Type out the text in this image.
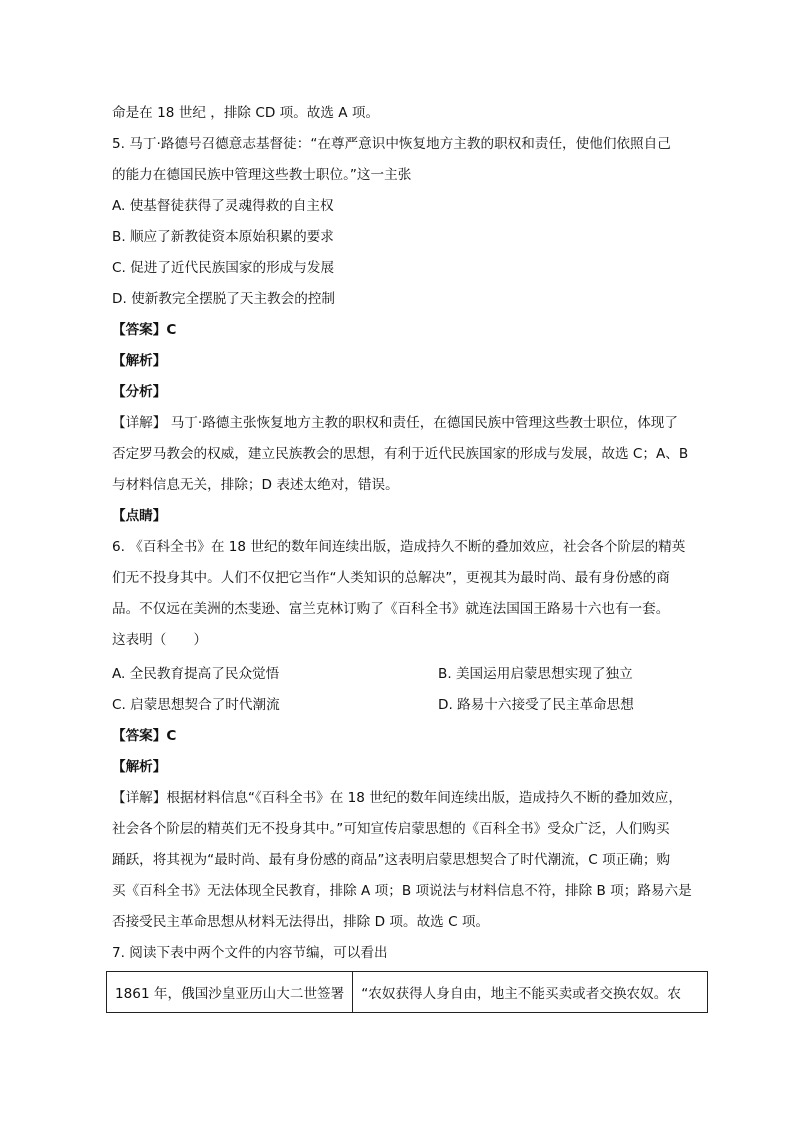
命是在 18 世纪 ，排除 CD 项。故选 A 项。
5. 马丁·路德号召德意志基督徒：“在尊严意识中恢复地方主教的职权和责任，使他们依照自己
的能力在德国民族中管理这些教士职位。”这一主张
A. 使基督徒获得了灵魂得救的自主权
B. 顺应了新教徒资本原始积累的要求
C. 促进了近代民族国家的形成与发展
D. 使新教完全摆脱了天主教会的控制
【答案】C
【解析】
【分析】
【详解】 马丁·路德主张恢复地方主教的职权和责任，在德国民族中管理这些教士职位，体现了
否定罗马教会的权威，建立民族教会的思想，有利于近代民族国家的形成与发展，故选 C；A、B
与材料信息无关，排除；D 表述太绝对，错误。
【点睛】
6. 《百科全书》在 18 世纪的数年间连续出版，造成持久不断的叠加效应，社会各个阶层的精英
们无不投身其中。人们不仅把它当作“人类知识的总解决”，更视其为最时尚、最有身份感的商
品。不仅远在美洲的杰斐逊、富兰克林订购了《百科全书》就连法国国王路易十六也有一套。
这表明（　　）
A. 全民教育提高了民众觉悟	B. 美国运用启蒙思想实现了独立
C. 启蒙思想契合了时代潮流	D. 路易十六接受了民主革命思想
【答案】C
【解析】
【详解】根据材料信息“《百科全书》在 18 世纪的数年间连续出版，造成持久不断的叠加效应，
社会各个阶层的精英们无不投身其中。”可知宣传启蒙思想的《百科全书》受众广泛，人们购买
踊跃，将其视为“最时尚、最有身份感的商品”这表明启蒙思想契合了时代潮流，C 项正确；购
买《百科全书》无法体现全民教育，排除 A 项；B 项说法与材料信息不符，排除 B 项；路易六是
否接受民主革命思想从材料无法得出，排除 D 项。故选 C 项。
7. 阅读下表中两个文件的内容节编，可以看出
1861 年，俄国沙皇亚历山大二世签署	“农奴获得人身自由，地主不能买卖或者交换农奴。农
